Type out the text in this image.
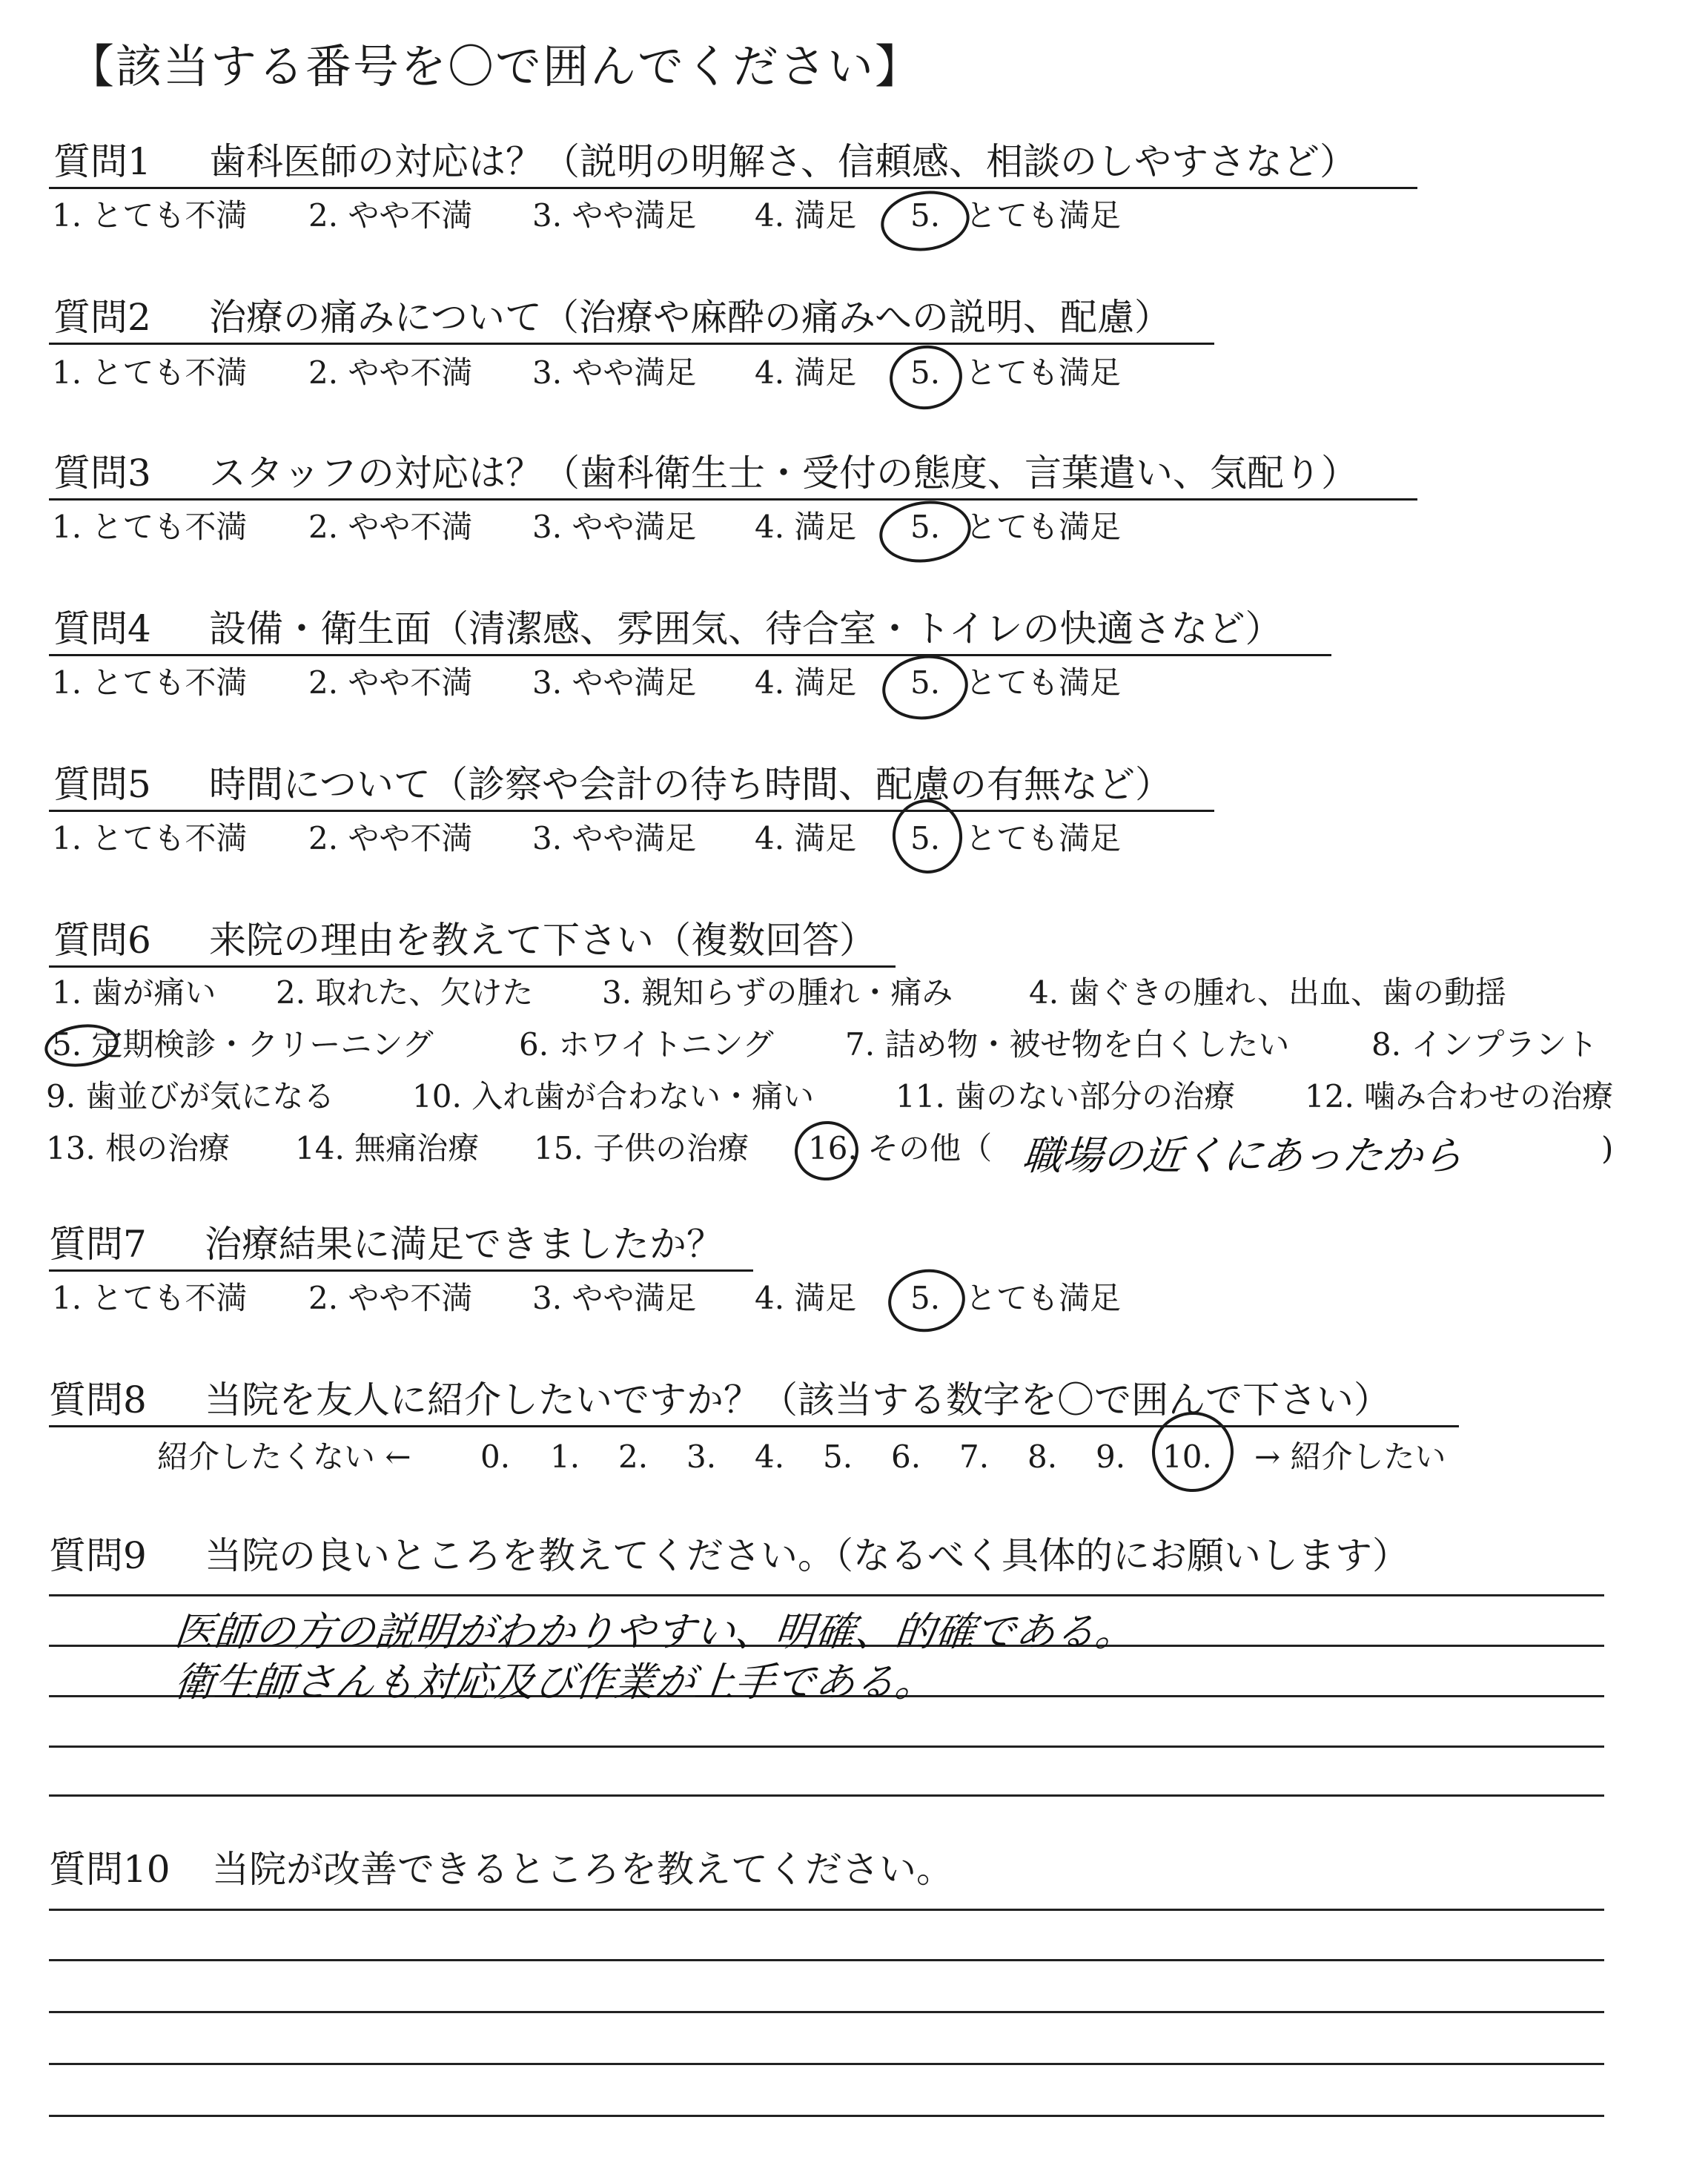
【該当する番号を〇で囲んでください】
質問1 歯科医師の対応は？（説明の明解さ、信頼感、相談のしやすさなど）
1. とても不満 2. やや不満 3. やや満足 4. 満足 5. とても満足
質問2 治療の痛みについて（治療や麻酔の痛みへの説明、配慮）
1. とても不満 2. やや不満 3. やや満足 4. 満足 5. とても満足
質問3 スタッフの対応は？（歯科衛生士・受付の態度、言葉遣い、気配り）
1. とても不満 2. やや不満 3. やや満足 4. 満足 5. とても満足
質問4 設備・衛生面（清潔感、雰囲気、待合室・トイレの快適さなど）
1. とても不満 2. やや不満 3. やや満足 4. 満足 5. とても満足
質問5 時間について（診察や会計の待ち時間、配慮の有無など）
1. とても不満 2. やや不満 3. やや満足 4. 満足 5. とても満足
質問6 来院の理由を教えて下さい（複数回答）
1. 歯が痛い 2. 取れた、欠けた 3. 親知らずの腫れ・痛み 4. 歯ぐきの腫れ、出血、歯の動揺
5. 定期検診・クリーニング	6. ホワイトニング 7. 詰め物・被せ物を白くしたい	8. インプラント
9. 歯並びが気になる 10. 入れ歯が合わない・痛い	11. 歯のない部分の治療 12. 噛み合わせの治療
13. 根の治療 14. 無痛治療 15. 子供の治療 16. その他（	)
職場の近くにあったから
質問7 治療結果に満足できましたか？
1. とても不満 2. やや不満 3. やや満足 4. 満足 5. とても満足
質問8 当院を友人に紹介したいですか？（該当する数字を〇で囲んで下さい）
紹介したくない ← 0. 1. 2. 3. 4. 5. 6. 7. 8. 9. 10. → 紹介したい
質問9 当院の良いところを教えてください。（なるべく具体的にお願いします）
医師の方の説明がわかりやすい、明確、的確である。
衛生師さんも対応及び作業が上手である。
質問10 当院が改善できるところを教えてください。
